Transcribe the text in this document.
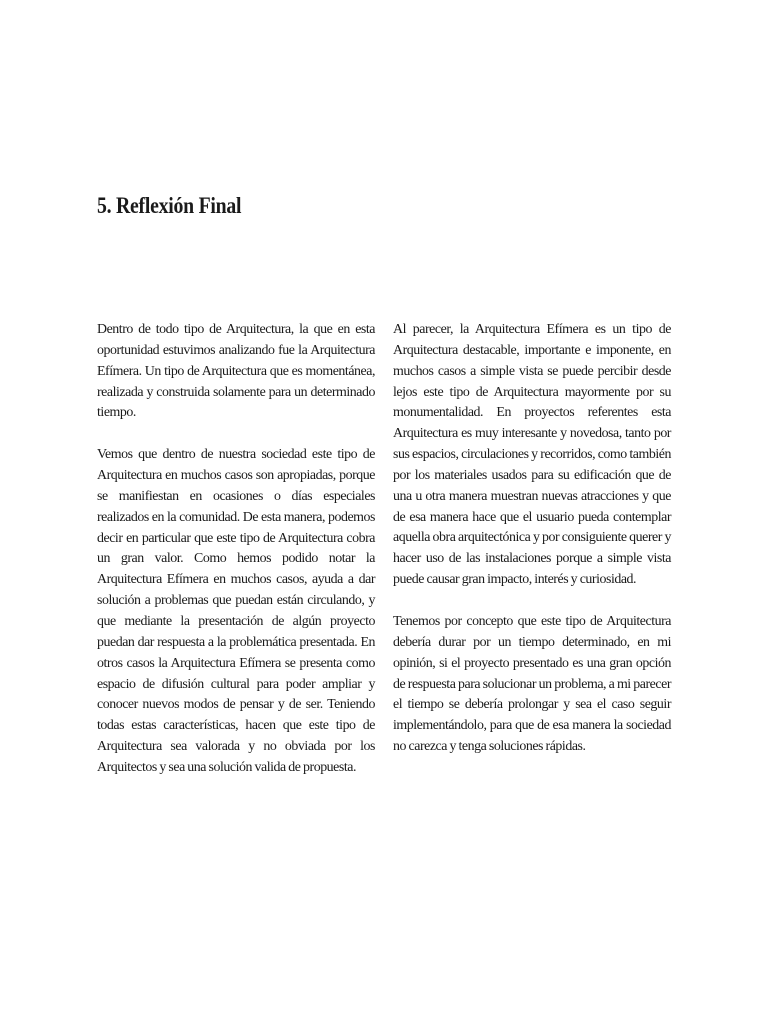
5. Reflexión Final

Dentro de todo tipo de Arquitectura, la que en esta oportunidad estuvimos analizando fue la Arquitectura Efímera. Un tipo de Arquitectura que es momentánea, realizada y construida solamente para un determinado tiempo.

Vemos que dentro de nuestra sociedad este tipo de Arquitectura en muchos casos son apropiadas, porque se manifiestan en ocasiones o días especiales realizados en la comunidad. De esta manera, podemos decir en particular que este tipo de Arquitectura cobra un gran valor. Como hemos podido notar la Arquitectura Efímera en muchos casos, ayuda a dar solución a problemas que puedan están circulando, y que mediante la presentación de algún proyecto puedan dar respuesta a la problemática presentada. En otros casos la Arquitectura Efímera se presenta como espacio de difusión cultural para poder ampliar y conocer nuevos modos de pensar y de ser. Teniendo todas estas características, hacen que este tipo de Arquitectura sea valorada y no obviada por los Arquitectos y sea una solución valida de propuesta.

Al parecer, la Arquitectura Efímera es un tipo de Arquitectura destacable, importante e imponente, en muchos casos a simple vista se puede percibir desde lejos este tipo de Arquitectura mayormente por su monumentalidad. En proyectos referentes esta Arquitectura es muy interesante y novedosa, tanto por sus espacios, circulaciones y recorridos, como también por los materiales usados para su edificación que de una u otra manera muestran nuevas atracciones y que de esa manera hace que el usuario pueda contemplar aquella obra arquitectónica y por consiguiente querer y hacer uso de las instalaciones porque a simple vista puede causar gran impacto, interés y curiosidad.

Tenemos por concepto que este tipo de Arquitectura debería durar por un tiempo determinado, en mi opinión, si el proyecto presentado es una gran opción de respuesta para solucionar un problema, a mi parecer el tiempo se debería prolongar y sea el caso seguir implementándolo, para que de esa manera la sociedad no carezca y tenga soluciones rápidas.
